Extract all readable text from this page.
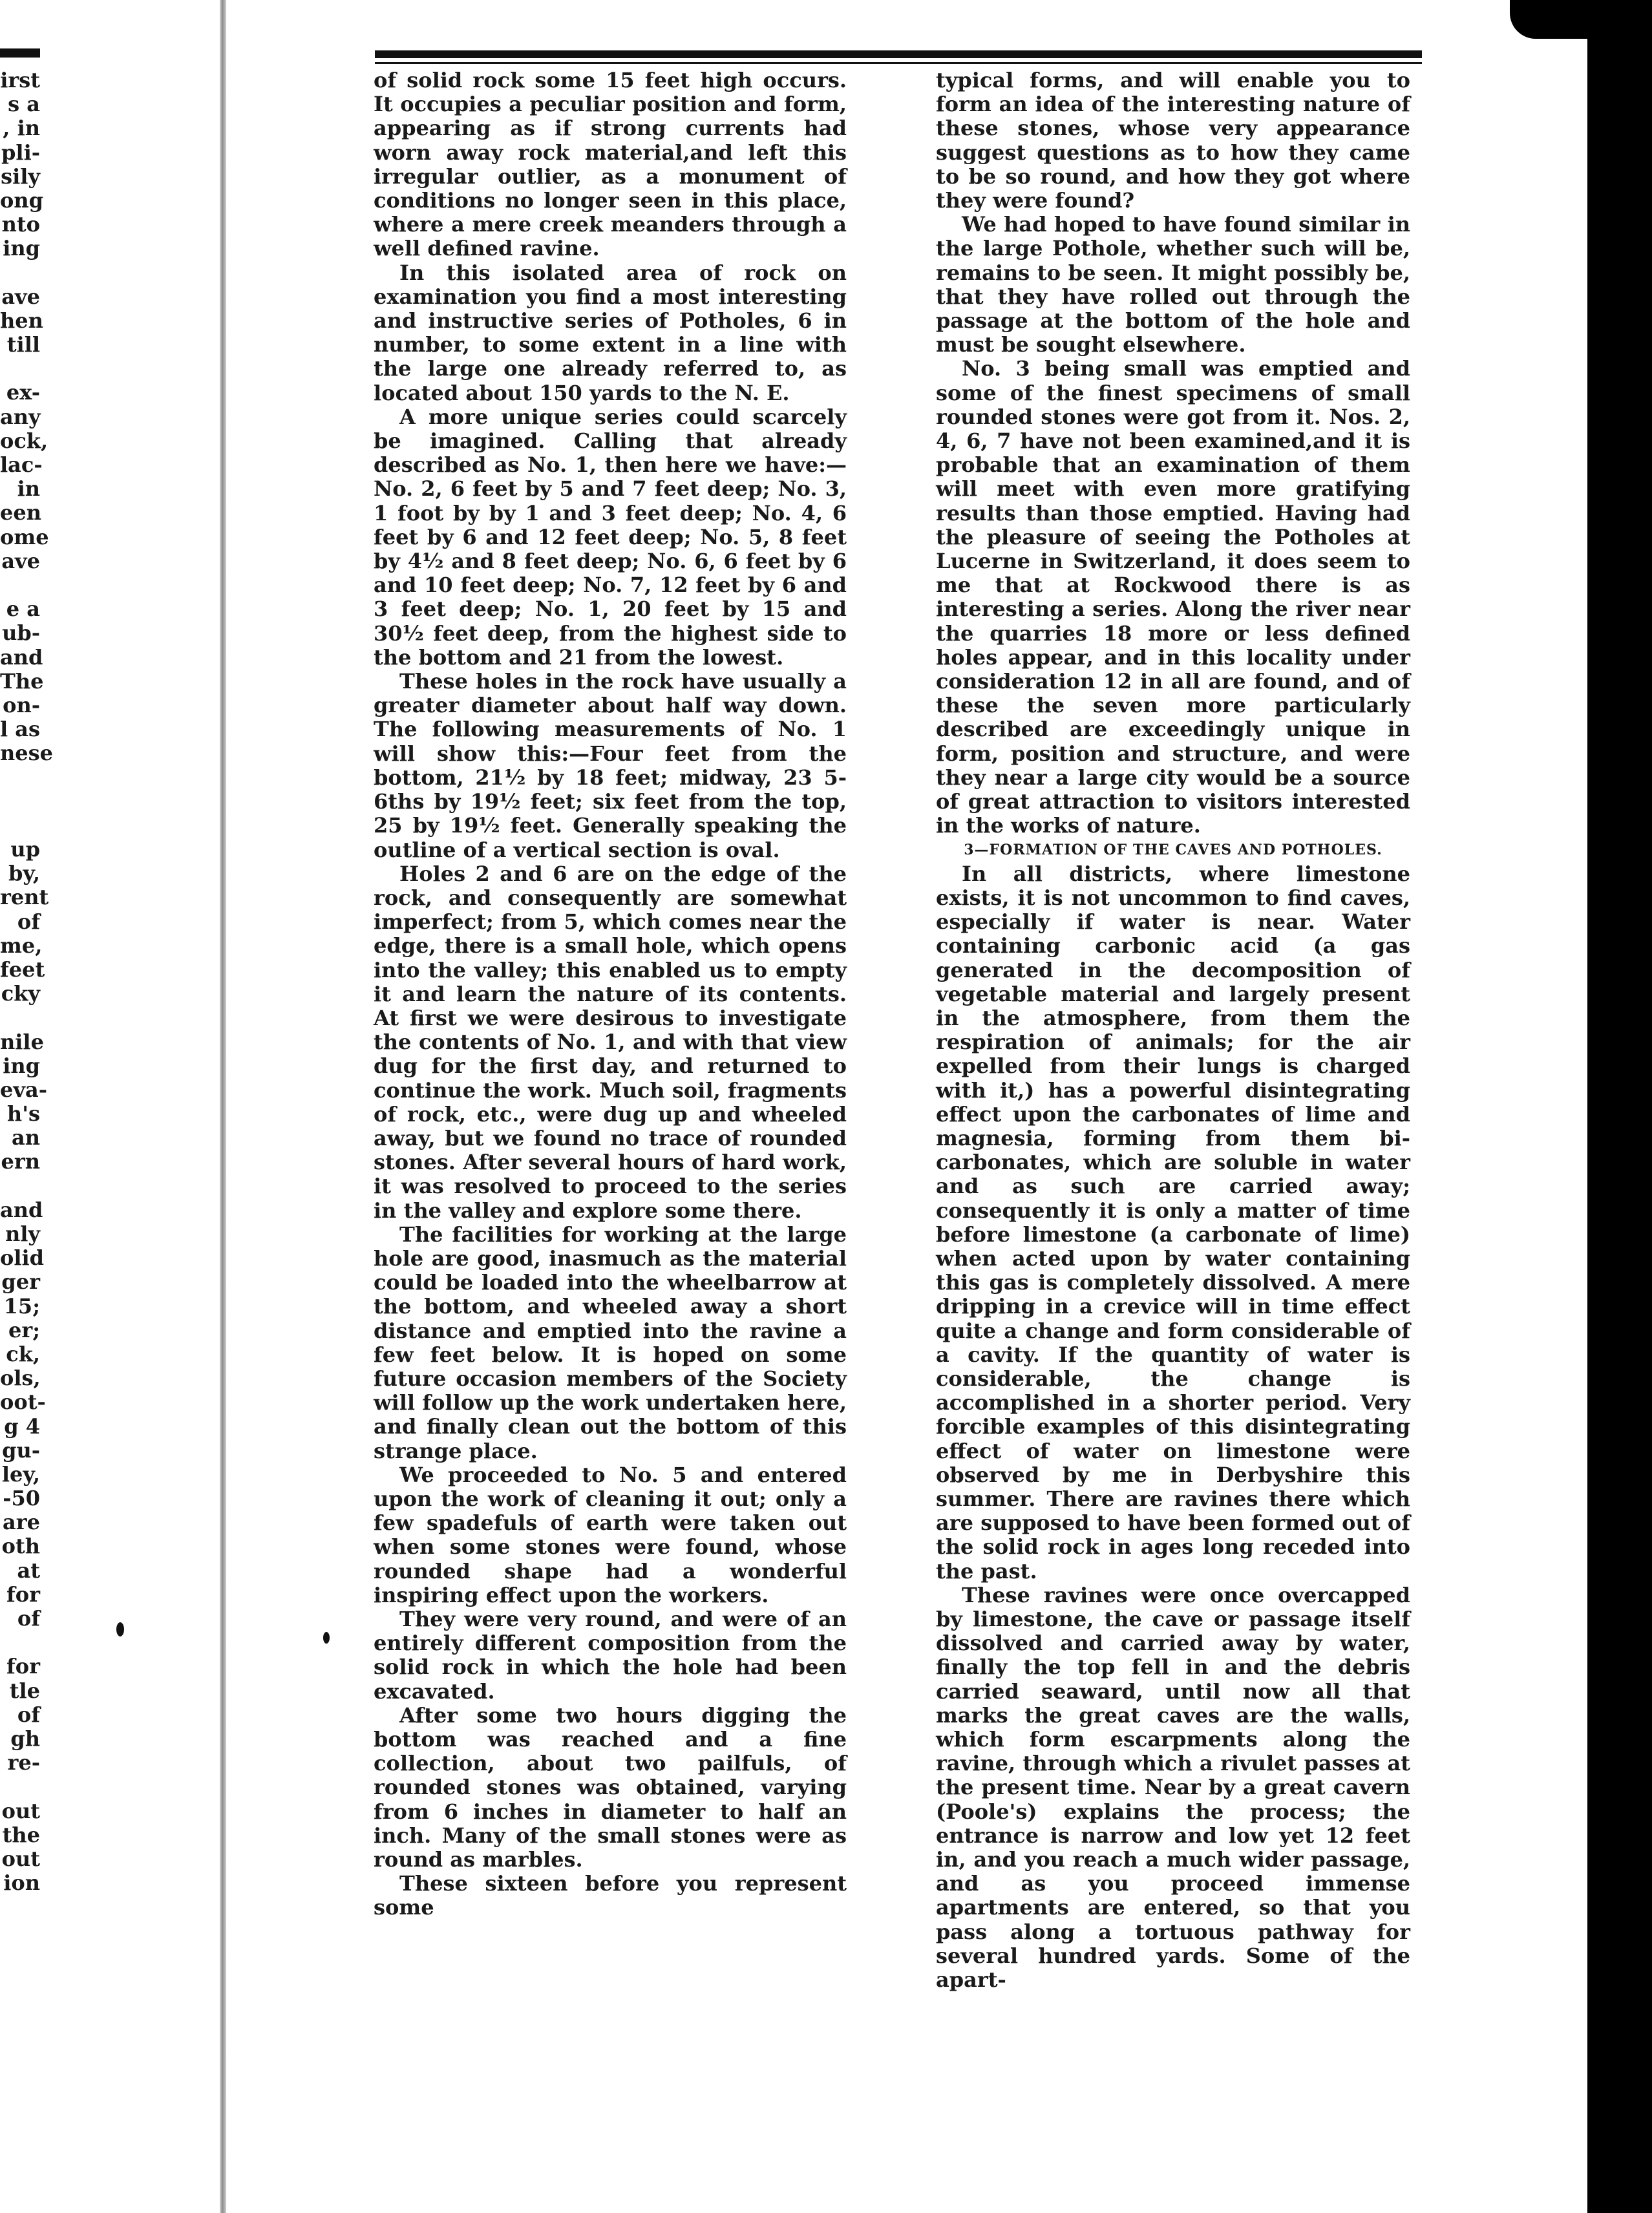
irst
s a
, in
pli-
sily
ong
nto
ing
ave
hen
till
ex-
any
ock,
lac-
in
een
ome
ave
e a
ub-
and
The
on-
l as
nese
up
by,
rent
of
me,
feet
cky
nile
ing
eva-
h's
an
ern
and
nly
olid
ger
15;
er;
ck,
ols,
oot-
g 4
gu-
ley,
-50
are
oth
at
for
of
for
tle
of
gh
re-
out
the
out
ion

of solid rock some 15 feet high occurs. It occupies a peculiar position and form, appearing as if strong currents had worn away rock material,and left this irregular outlier, as a monument of conditions no longer seen in this place, where a mere creek meanders through a well defined ravine.

In this isolated area of rock on examination you find a most interesting and instructive series of Potholes, 6 in number, to some extent in a line with the large one already referred to, as located about 150 yards to the N. E.

A more unique series could scarcely be imagined. Calling that already described as No. 1, then here we have:—No. 2, 6 feet by 5 and 7 feet deep; No. 3, 1 foot by by 1 and 3 feet deep; No. 4, 6 feet by 6 and 12 feet deep; No. 5, 8 feet by 4½ and 8 feet deep; No. 6, 6 feet by 6 and 10 feet deep; No. 7, 12 feet by 6 and 3 feet deep; No. 1, 20 feet by 15 and 30½ feet deep, from the highest side to the bottom and 21 from the lowest.

These holes in the rock have usually a greater diameter about half way down. The following measurements of No. 1 will show this:—Four feet from the bottom, 21½ by 18 feet; midway, 23 5-6ths by 19½ feet; six feet from the top, 25 by 19½ feet. Generally speaking the outline of a vertical section is oval.

Holes 2 and 6 are on the edge of the rock, and consequently are somewhat imperfect; from 5, which comes near the edge, there is a small hole, which opens into the valley; this enabled us to empty it and learn the nature of its contents. At first we were desirous to investigate the contents of No. 1, and with that view dug for the first day, and returned to continue the work. Much soil, fragments of rock, etc., were dug up and wheeled away, but we found no trace of rounded stones. After several hours of hard work, it was resolved to proceed to the series in the valley and explore some there.

The facilities for working at the large hole are good, inasmuch as the material could be loaded into the wheelbarrow at the bottom, and wheeled away a short distance and emptied into the ravine a few feet below. It is hoped on some future occasion members of the Society will follow up the work undertaken here, and finally clean out the bottom of this strange place.

We proceeded to No. 5 and entered upon the work of cleaning it out; only a few spadefuls of earth were taken out when some stones were found, whose rounded shape had a wonderful inspiring effect upon the workers.

They were very round, and were of an entirely different composition from the solid rock in which the hole had been excavated.

After some two hours digging the bottom was reached and a fine collection, about two pailfuls, of rounded stones was obtained, varying from 6 inches in diameter to half an inch. Many of the small stones were as round as marbles.

These sixteen before you represent some

typical forms, and will enable you to form an idea of the interesting nature of these stones, whose very appearance suggest questions as to how they came to be so round, and how they got where they were found?

We had hoped to have found similar in the large Pothole, whether such will be, remains to be seen. It might possibly be, that they have rolled out through the passage at the bottom of the hole and must be sought elsewhere.

No. 3 being small was emptied and some of the finest specimens of small rounded stones were got from it. Nos. 2, 4, 6, 7 have not been examined,and it is probable that an examination of them will meet with even more gratifying results than those emptied. Having had the pleasure of seeing the Potholes at Lucerne in Switzerland, it does seem to me that at Rockwood there is as interesting a series. Along the river near the quarries 18 more or less defined holes appear, and in this locality under consideration 12 in all are found, and of these the seven more particularly described are exceedingly unique in form, position and structure, and were they near a large city would be a source of great attraction to visitors interested in the works of nature.

3—FORMATION OF THE CAVES AND POTHOLES.

In all districts, where limestone exists, it is not uncommon to find caves, especially if water is near. Water containing carbonic acid (a gas generated in the decomposition of vegetable material and largely present in the atmosphere, from them the respiration of animals; for the air expelled from their lungs is charged with it,) has a powerful disintegrating effect upon the carbonates of lime and magnesia, forming from them bi-carbonates, which are soluble in water and as such are carried away; consequently it is only a matter of time before limestone (a carbonate of lime) when acted upon by water containing this gas is completely dissolved. A mere dripping in a crevice will in time effect quite a change and form considerable of a cavity. If the quantity of water is considerable, the change is accomplished in a shorter period. Very forcible examples of this disintegrating effect of water on limestone were observed by me in Derbyshire this summer. There are ravines there which are supposed to have been formed out of the solid rock in ages long receded into the past.

These ravines were once overcapped by limestone, the cave or passage itself dissolved and carried away by water, finally the top fell in and the debris carried seaward, until now all that marks the great caves are the walls, which form escarpments along the ravine, through which a rivulet passes at the present time. Near by a great cavern (Poole's) explains the process; the entrance is narrow and low yet 12 feet in, and you reach a much wider passage, and as you proceed immense apartments are entered, so that you pass along a tortuous pathway for several hundred yards. Some of the apart-
